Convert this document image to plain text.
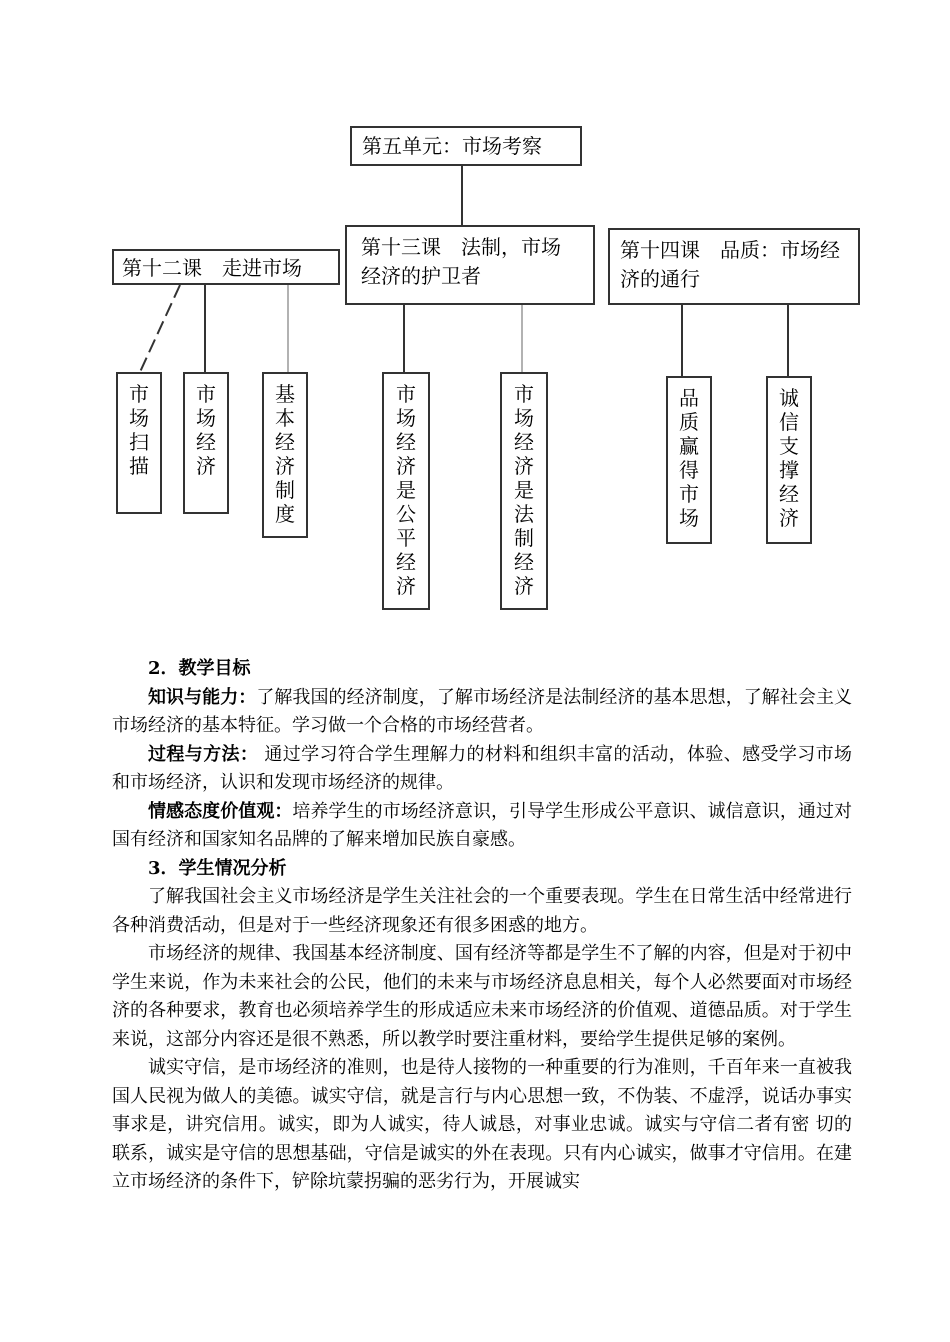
第五单元：市场考察
第十二课　走进市场
第十三课　法制，市场经济的护卫者
第十四课　品质：市场经济的通行
市场扫描
市场经济
基本经济制度
市场经济是公平经济
市场经济是法制经济
品质赢得市场
诚信支撑经济

2．教学目标

知识与能力：了解我国的经济制度，了解市场经济是法制经济的基本思想，了解社会主义市场经济的基本特征。学习做一个合格的市场经营者。

过程与方法： 通过学习符合学生理解力的材料和组织丰富的活动，体验、感受学习市场和市场经济，认识和发现市场经济的规律。

情感态度价值观：培养学生的市场经济意识，引导学生形成公平意识、诚信意识，通过对国有经济和国家知名品牌的了解来增加民族自豪感。

3．学生情况分析

了解我国社会主义市场经济是学生关注社会的一个重要表现。学生在日常生活中经常进行各种消费活动，但是对于一些经济现象还有很多困惑的地方。

市场经济的规律、我国基本经济制度、国有经济等都是学生不了解的内容，但是对于初中学生来说，作为未来社会的公民，他们的未来与市场经济息息相关，每个人必然要面对市场经济的各种要求，教育也必须培养学生的形成适应未来市场经济的价值观、道德品质。对于学生来说，这部分内容还是很不熟悉，所以教学时要注重材料，要给学生提供足够的案例。

诚实守信，是市场经济的准则，也是待人接物的一种重要的行为准则，千百年来一直被我国人民视为做人的美德。诚实守信，就是言行与内心思想一致，不伪装、不虚浮，说话办事实事求是，讲究信用。诚实，即为人诚实，待人诚恳，对事业忠诚。诚实与守信二者有密 切的联系，诚实是守信的思想基础，守信是诚实的外在表现。只有内心诚实，做事才守信用。在建立市场经济的条件下，铲除坑蒙拐骗的恶劣行为，开展诚实
